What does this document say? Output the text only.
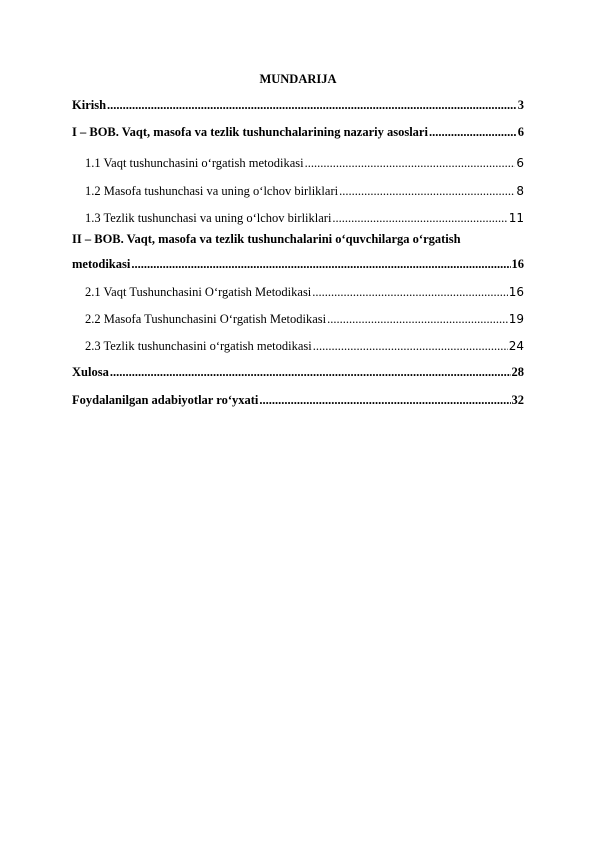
MUNDARIJA
Kirish .....	3
I – BOB. Vaqt, masofa va tezlik tushunchalarining nazariy asoslari .....	6
1.1 Vaqt tushunchasini o‘rgatish metodikasi .....	6
1.2 Masofa tushunchasi va uning o‘lchov birliklari .....	8
1.3 Tezlik tushunchasi va uning o‘lchov birliklari .....	11
II – BOB. Vaqt, masofa va tezlik tushunchalarini o‘quvchilarga o‘rgatish
metodikasi .....	16
2.1 Vaqt Tushunchasini O‘rgatish Metodikasi .....	16
2.2 Masofa Tushunchasini O‘rgatish Metodikasi .....	19
2.3 Tezlik tushunchasini o‘rgatish metodikasi .....	24
Xulosa .....	28
Foydalanilgan adabiyotlar ro‘yxati .....	32
